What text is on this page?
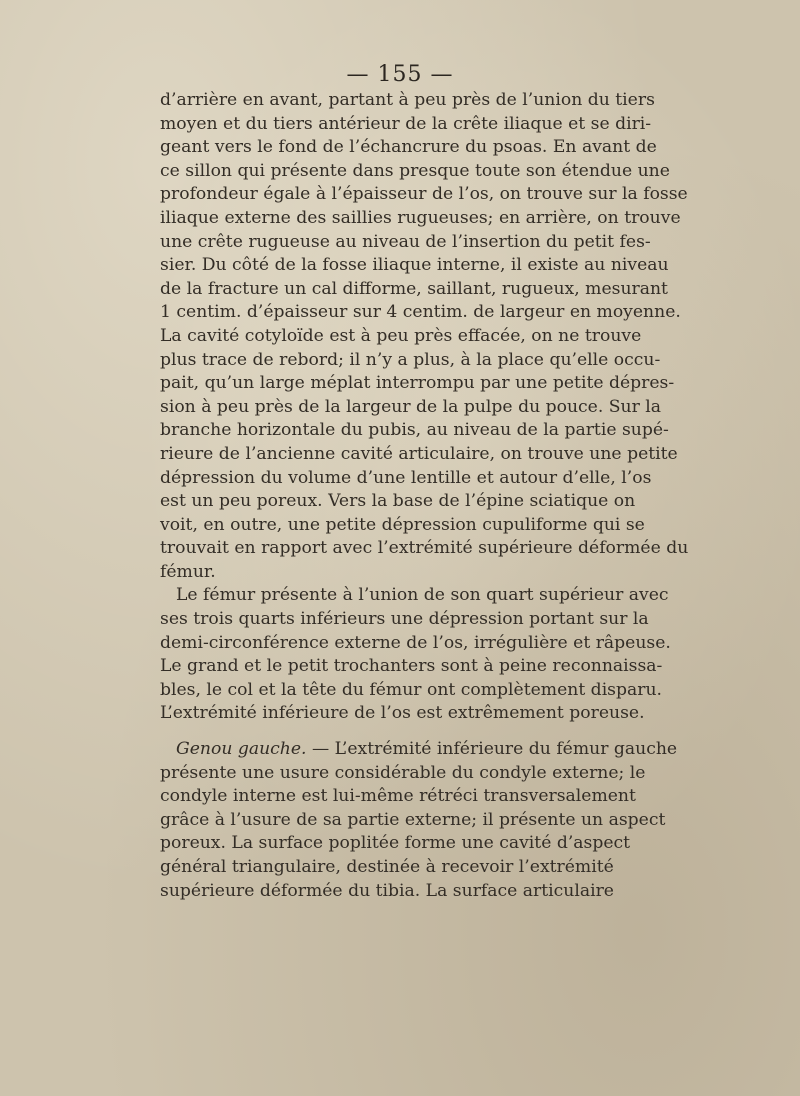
— 155 —
d’arrière en avant, partant à peu près de l’union du tiers
moyen et du tiers antérieur de la crête iliaque et se diri-
geant vers le fond de l’échancrure du psoas. En avant de
ce sillon qui présente dans presque toute son étendue une
profondeur égale à l’épaisseur de l’os, on trouve sur la fosse
iliaque externe des saillies rugueuses; en arrière, on trouve
une crête rugueuse au niveau de l’insertion du petit fes-
sier. Du côté de la fosse iliaque interne, il existe au niveau
de la fracture un cal difforme, saillant, rugueux, mesurant
1 centim. d’épaisseur sur 4 centim. de largeur en moyenne.
La cavité cotyloïde est à peu près effacée, on ne trouve
plus trace de rebord; il n’y a plus, à la place qu’elle occu-
pait, qu’un large méplat interrompu par une petite dépres-
sion à peu près de la largeur de la pulpe du pouce. Sur la
branche horizontale du pubis, au niveau de la partie supé-
rieure de l’ancienne cavité articulaire, on trouve une petite
dépression du volume d’une lentille et autour d’elle, l’os
est un peu poreux. Vers la base de l’épine sciatique on
voit, en outre, une petite dépression cupuliforme qui se
trouvait en rapport avec l’extrémité supérieure déformée du
fémur.
Le fémur présente à l’union de son quart supérieur avec
ses trois quarts inférieurs une dépression portant sur la
demi-circonférence externe de l’os, irrégulière et râpeuse.
Le grand et le petit trochanters sont à peine reconnaissa-
bles, le col et la tête du fémur ont complètement disparu.
L’extrémité inférieure de l’os est extrêmement poreuse.
Genou gauche. — L’extrémité inférieure du fémur gauche
présente une usure considérable du condyle externe; le
condyle interne est lui-même rétréci transversalement
grâce à l’usure de sa partie externe; il présente un aspect
poreux. La surface poplitée forme une cavité d’aspect
général triangulaire, destinée à recevoir l’extrémité
supérieure déformée du tibia. La surface articulaire
